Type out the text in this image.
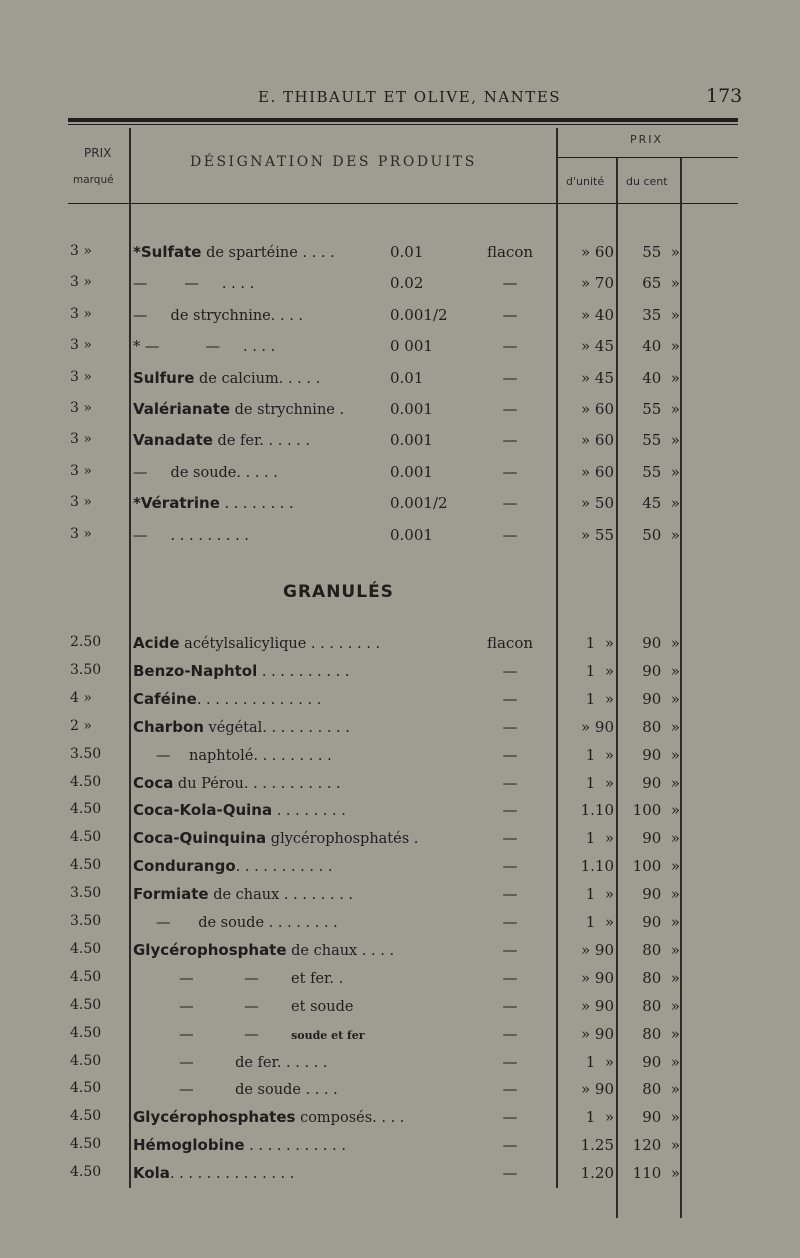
E. THIBAULT ET OLIVE, NANTES	173
PRIX
marqué
DÉSIGNATION DES PRODUITS
PRIX
d'unité du cent
3 »	*Sulfate de spartéine . . . .	0.01	flacon	» 60	55  »
3 »	—        —     . . . .	0.02	—	» 70	65  »
3 »	—     de strychnine. . . .	0.001/2	—	» 40	35  »
3 »	* —          —     . . . .	0 001	—	» 45	40  »
3 »	Sulfure de calcium. . . . .	0.01	—	» 45	40  »
3 »	Valérianate de strychnine .	0.001	—	» 60	55  »
3 »	Vanadate de fer. . . . . .	0.001	—	» 60	55  »
3 »	—     de soude. . . . .	0.001	—	» 60	55  »
3 »	*Vératrine . . . . . . . .	0.001/2	—	» 50	45  »
3 »	—     . . . . . . . . .	0.001	—	» 55	50  »
GRANULÉS
2.50	Acide acétylsalicylique . . . . . . . .	flacon	1  »	90  »
3.50	Benzo-Naphtol . . . . . . . . . .	—	1  »	90  »
4 »	Caféine. . . . . . . . . . . . . .	—	1  »	90  »
2 »	Charbon végétal. . . . . . . . . .	—	» 90	80  »
3.50	—    naphtolé. . . . . . . . .	—	1  »	90  »
4.50	Coca du Pérou. . . . . . . . . . .	—	1  »	90  »
4.50	Coca-Kola-Quina . . . . . . . .	—	1.10	100  »
4.50	Coca-Quinquina glycérophosphatés .	—	1  »	90  »
4.50	Condurango. . . . . . . . . . .	—	1.10	100  »
3.50	Formiate de chaux . . . . . . . .	—	1  »	90  »
3.50	—      de soude . . . . . . . .	—	1  »	90  »
4.50	Glycérophosphate de chaux . . . .	—	» 90	80  »
4.50	—           —       et fer. .	—	» 90	80  »
4.50	—           —       et soude	—	» 90	80  »
4.50	—           —       soude et fer	—	» 90	80  »
4.50	—         de fer. . . . . .	—	1  »	90  »
4.50	—         de soude . . . .	—	» 90	80  »
4.50	Glycérophosphates composés. . . .	—	1  »	90  »
4.50	Hémoglobine . . . . . . . . . . .	—	1.25	120  »
4.50	Kola. . . . . . . . . . . . . .	—	1.20	110  »
